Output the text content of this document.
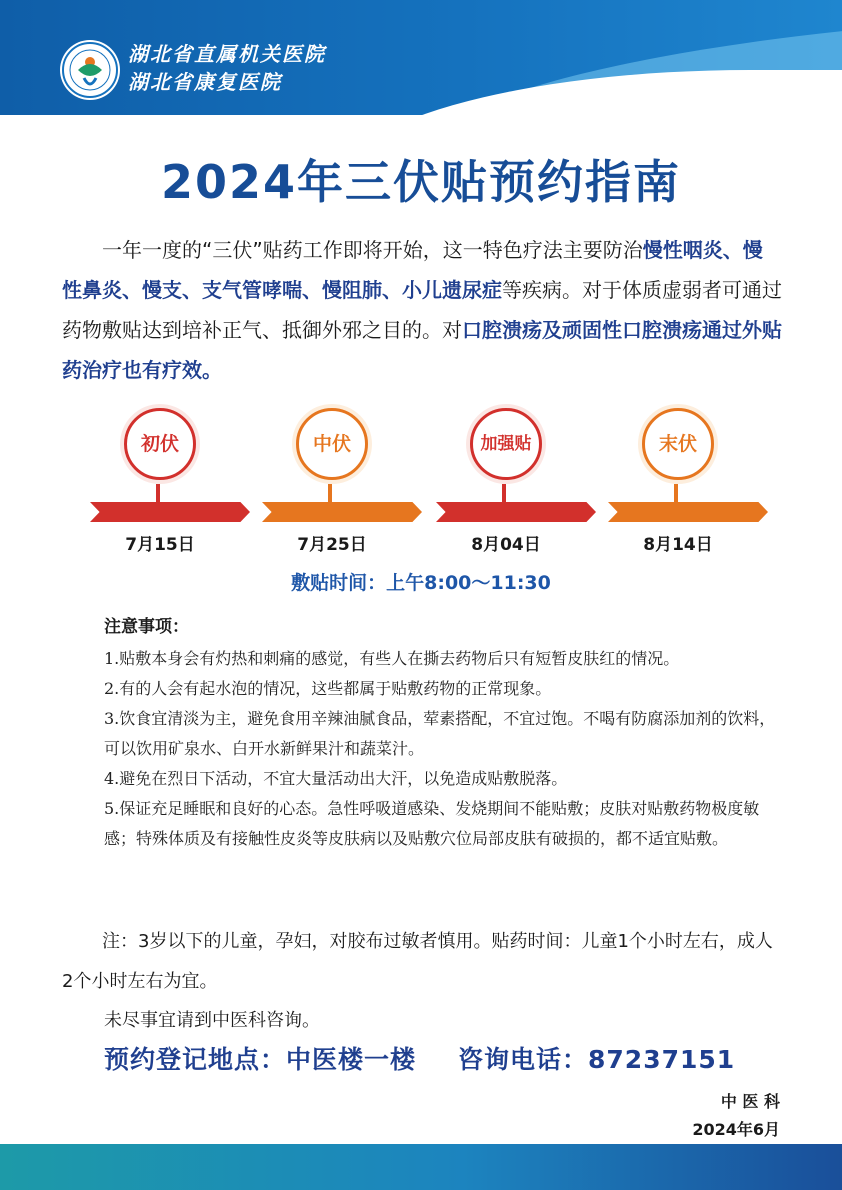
湖北省直属机关医院
湖北省康复医院
2024年三伏贴预约指南
一年一度的“三伏”贴药工作即将开始，这一特色疗法主要防治慢性咽炎、慢性鼻炎、慢支、支气管哮喘、慢阻肺、小儿遗尿症等疾病。对于体质虚弱者可通过药物敷贴达到培补正气、抵御外邪之目的。对口腔溃疡及顽固性口腔溃疡通过外贴药治疗也有疗效。
初伏
7月15日
中伏
7月25日
加强贴
8月04日
末伏
8月14日
敷贴时间：上午8:00～11:30
注意事项：

1.贴敷本身会有灼热和刺痛的感觉，有些人在撕去药物后只有短暂皮肤红的情况。

2.有的人会有起水泡的情况，这些都属于贴敷药物的正常现象。

3.饮食宜清淡为主，避免食用辛辣油腻食品，荤素搭配，不宜过饱。不喝有防腐添加剂的饮料，可以饮用矿泉水、白开水新鲜果汁和蔬菜汁。

4.避免在烈日下活动，不宜大量活动出大汗，以免造成贴敷脱落。

5.保证充足睡眠和良好的心态。急性呼吸道感染、发烧期间不能贴敷；皮肤对贴敷药物极度敏感；特殊体质及有接触性皮炎等皮肤病以及贴敷穴位局部皮肤有破损的，都不适宜贴敷。

注：3岁以下的儿童，孕妇，对胶布过敏者慎用。贴药时间：儿童1个小时左右，成人2个小时左右为宜。
未尽事宜请到中医科咨询。
预约登记地点：中医楼一楼 咨询电话：87237151
中 医 科
2024年6月
